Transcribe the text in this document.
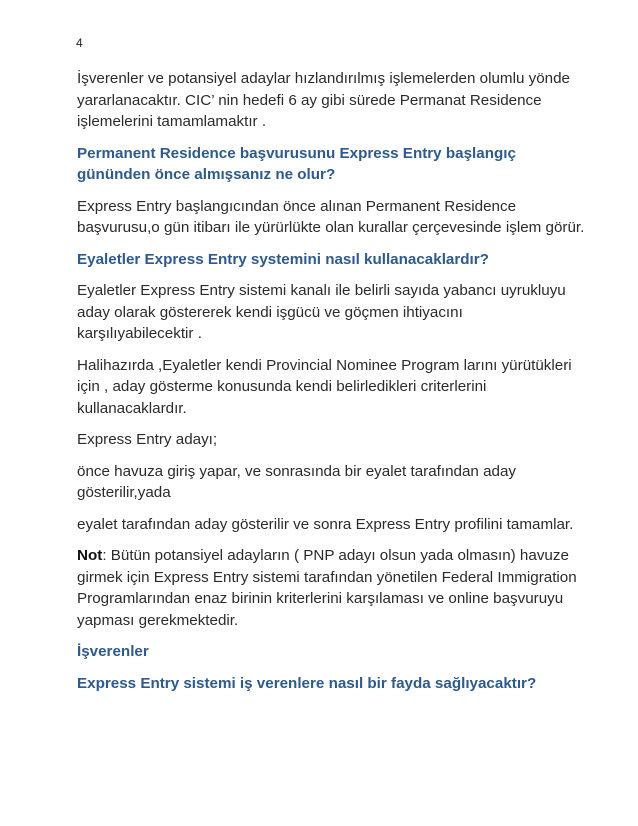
4

İşverenler ve potansiyel adaylar hızlandırılmış işlemelerden olumlu yönde
yararlanacaktır. CIC’ nin hedefi 6 ay gibi sürede Permanat Residence
işlemelerini tamamlamaktır .

Permanent Residence başvurusunu Express Entry başlangıç
gününden önce almışsanız ne olur?

Express Entry başlangıcından önce alınan Permanent Residence
başvurusu,o gün itibarı ile yürürlükte olan kurallar çerçevesinde işlem görür.

Eyaletler Express Entry systemini nasıl kullanacaklardır?

Eyaletler Express Entry sistemi kanalı ile belirli sayıda yabancı uyrukluyu
aday olarak göstererek kendi işgücü ve göçmen ihtiyacını
karşılıyabilecektir .

Halihazırda ,Eyaletler kendi Provincial Nominee Program larını yürütükleri
için , aday gösterme konusunda kendi belirledikleri criterlerini
kullanacaklardır.

Express Entry adayı;

önce havuza giriş yapar, ve sonrasında bir eyalet tarafından aday
gösterilir,yada

eyalet tarafından aday gösterilir ve sonra Express Entry profilini tamamlar.

Not: Bütün potansiyel adayların ( PNP adayı olsun yada olmasın) havuze
girmek için Express Entry sistemi tarafından yönetilen Federal Immigration
Programlarından enaz birinin kriterlerini karşılaması ve online başvuruyu
yapması gerekmektedir.

İşverenler

Express Entry sistemi iş verenlere nasıl bir fayda sağlıyacaktır?
